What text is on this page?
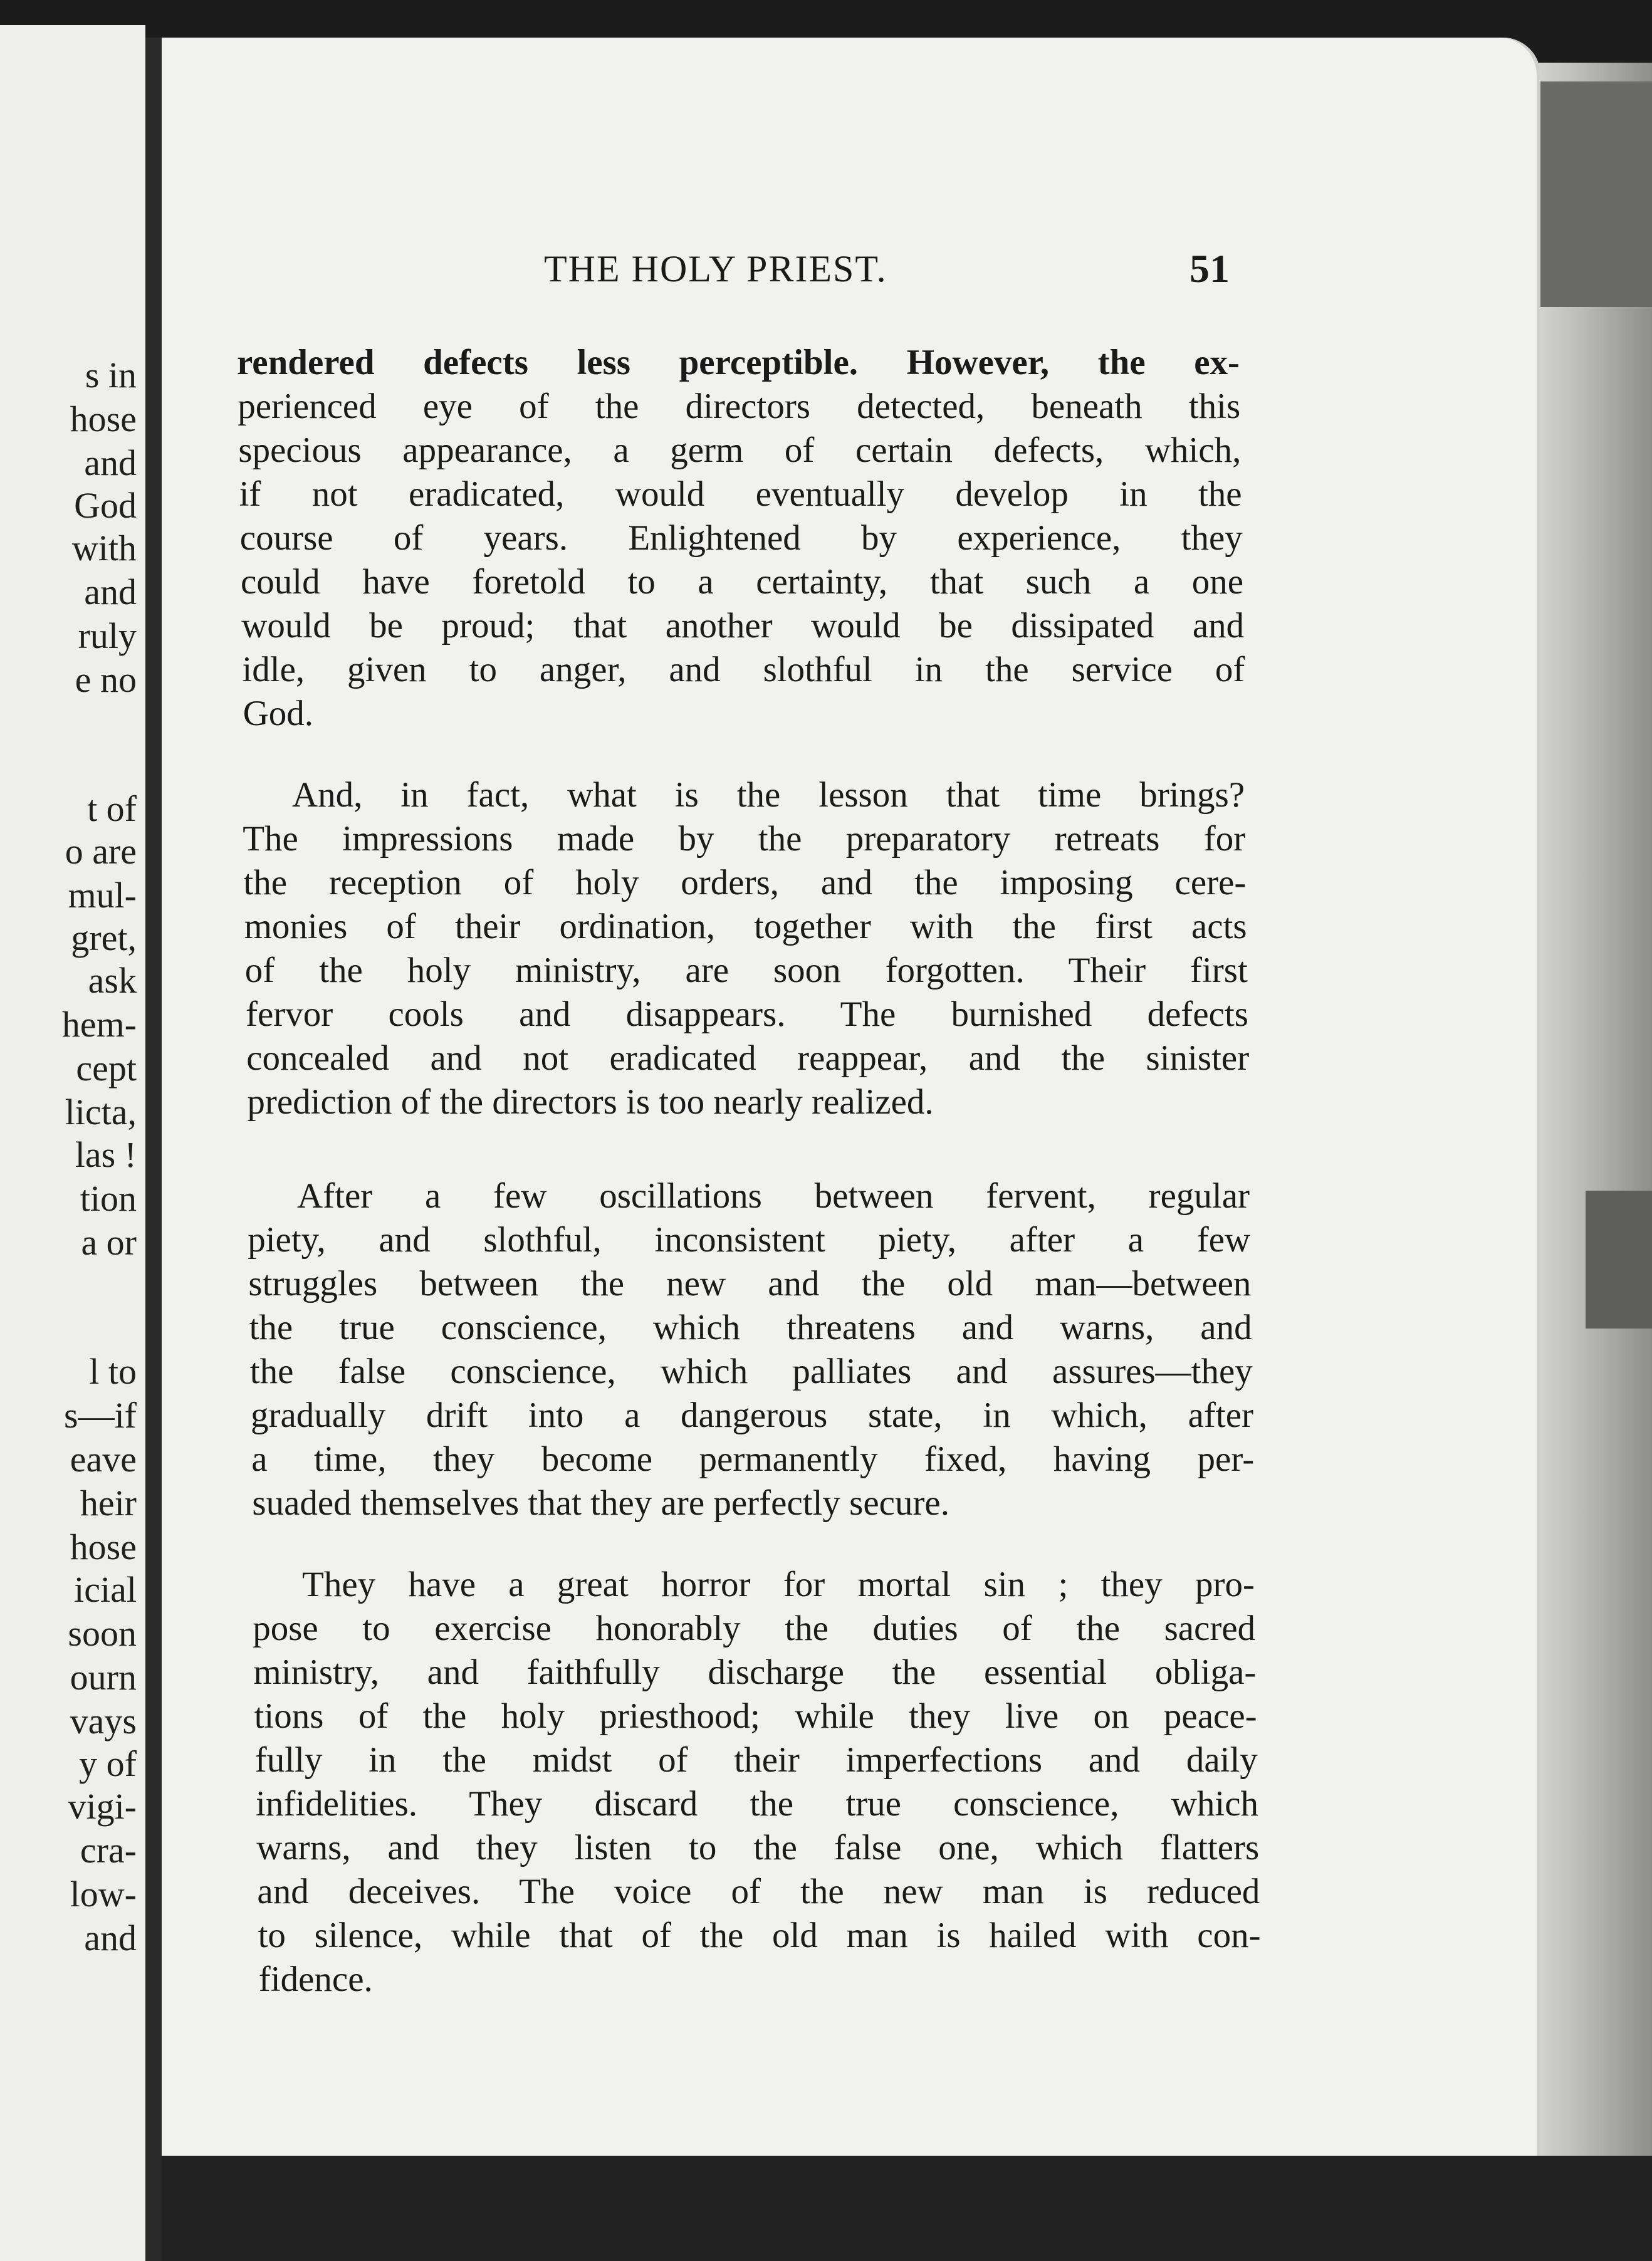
s in
hose
and
God
with
and
ruly
e no
t of
o are
mul-
gret,
ask
hem-
cept
licta,
las !
tion
a or
l to
s—if
eave
heir
hose
icial
soon
ourn
vays
y of
vigi-
cra-
low-
and
THE HOLY PRIEST.	51
rendered defects less perceptible. However, the ex-
perienced eye of the directors detected, beneath this
specious appearance, a germ of certain defects, which,
if not eradicated, would eventually develop in the
course of years. Enlightened by experience, they
could have foretold to a certainty, that such a one
would be proud; that another would be dissipated and
idle, given to anger, and slothful in the service of
God.
And, in fact, what is the lesson that time brings?
The impressions made by the preparatory retreats for
the reception of holy orders, and the imposing cere-
monies of their ordination, together with the first acts
of the holy ministry, are soon forgotten. Their first
fervor cools and disappears. The burnished defects
concealed and not eradicated reappear, and the sinister
prediction of the directors is too nearly realized.
After a few oscillations between fervent, regular
piety, and slothful, inconsistent piety, after a few
struggles between the new and the old man—between
the true conscience, which threatens and warns, and
the false conscience, which palliates and assures—they
gradually drift into a dangerous state, in which, after
a time, they become permanently fixed, having per-
suaded themselves that they are perfectly secure.
They have a great horror for mortal sin ; they pro-
pose to exercise honorably the duties of the sacred
ministry, and faithfully discharge the essential obliga-
tions of the holy priesthood; while they live on peace-
fully in the midst of their imperfections and daily
infidelities. They discard the true conscience, which
warns, and they listen to the false one, which flatters
and deceives. The voice of the new man is reduced
to silence, while that of the old man is hailed with con-
fidence.
